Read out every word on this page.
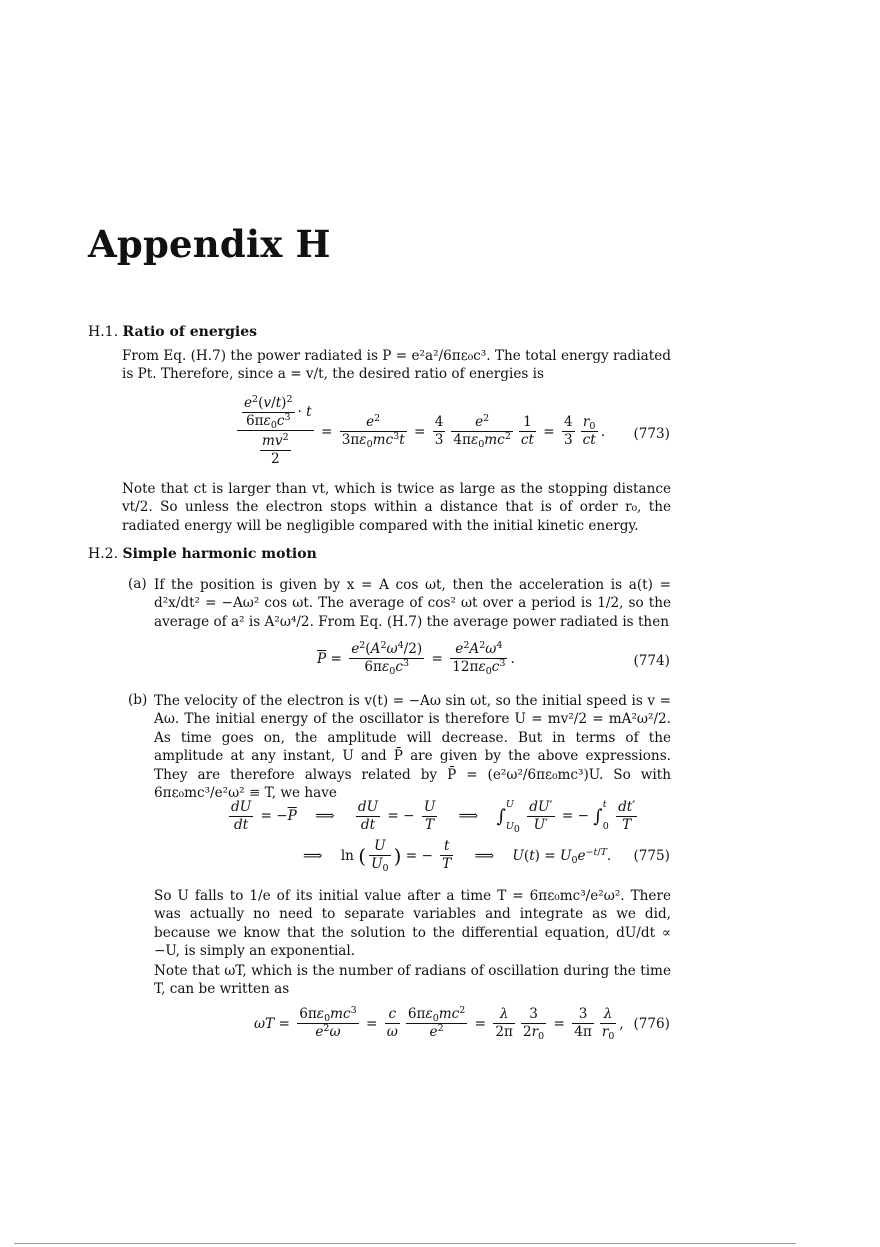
Appendix H

H.1. Ratio of energies

From Eq. (H.7) the power radiated is P = e²a²/6πε₀c³. The total energy radiated is Pt. Therefore, since a = v/t, the desired ratio of energies is

$\frac{\frac{e^2(v/t)^2}{6\pi\varepsilon_0c^3} \cdot t}{\frac{mv^2}{2}} = \frac{e^2}{3\pi\varepsilon_0mc^3t} = \frac{4}{3} \frac{e^2}{4\pi\varepsilon_0mc^2} \frac{1}{ct} = \frac{4}{3} \frac{r_0}{ct}$ . (773)

Note that ct is larger than vt, which is twice as large as the stopping distance vt/2. So unless the electron stops within a distance that is of order r₀, the radiated energy will be negligible compared with the initial kinetic energy.

H.2. Simple harmonic motion

(a) If the position is given by x = A cos ωt, then the acceleration is a(t) = d²x/dt² = −Aω² cos ωt. The average of cos² ωt over a period is 1/2, so the average of a² is A²ω⁴/2. From Eq. (H.7) the average power radiated is then

$\overline{P} = \frac{e^2(A^2\omega^4/2)}{6\pi\varepsilon_0c^3} = \frac{e^2A^2\omega^4}{12\pi\varepsilon_0c^3}$ .	(774)
(b) The velocity of the electron is v(t) = −Aω sin ωt, so the initial speed is v = Aω. The initial energy of the oscillator is therefore U = mv²/2 = mA²ω²/2. As time goes on, the amplitude will decrease. But in terms of the amplitude at any instant, U and P̄ are given by the above expressions. They are therefore always related by P̄ = (e²ω²/6πε₀mc³)U. So with 6πε₀mc³/e²ω² ≡ T, we have

$\frac{dU}{dt} = -\overline{P}$ ⟹ $\frac{dU}{dt}$ = − $\frac{U}{T}$ ⟹ ∫U
$U_0 \frac{dU'}{U'}$ = − ∫t
$0 \frac{dt'}{T}$
⟹ ln ( $\frac{U}{U_0}$ ) = − $\frac{t}{T}$ ⟹ $U(t) = U_0e^{-t/T}$. (775)

So U falls to 1/e of its initial value after a time T = 6πε₀mc³/e²ω². There was actually no need to separate variables and integrate as we did, because we know that the solution to the differential equation, dU/dt ∝ −U, is simply an exponential.

Note that ωT, which is the number of radians of oscillation during the time T, can be written as

$\omega T = \frac{6\pi\varepsilon_0mc^3}{e^2\omega} = \frac{c}{\omega} \frac{6\pi\varepsilon_0mc^2}{e^2} = \frac{\lambda}{2\pi} \frac{3}{2r_0} = \frac{3}{4\pi} \frac{\lambda}{r_0}$ , (776)
